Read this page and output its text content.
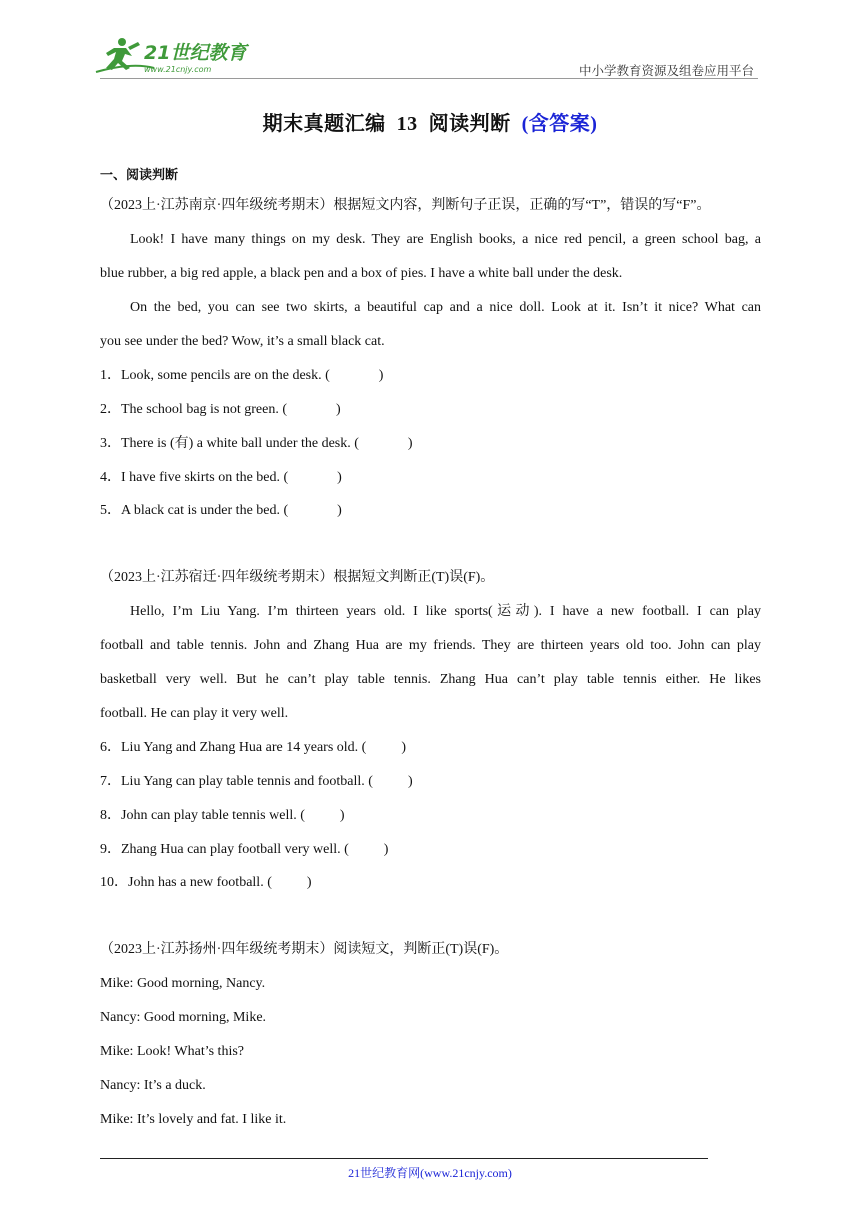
21世纪教育
www.21cnjy.com	中小学教育资源及组卷应用平台
期末真题汇编  13  阅读判断  (含答案)
一、阅读判断
（2023上·江苏南京·四年级统考期末）根据短文内容，判断句子正误，正确的写“T”，错误的写“F”。
Look! I have many things on my desk. They are English books, a nice red pencil, a green school bag, a
blue rubber, a big red apple, a black pen and a box of pies. I have a white ball under the desk.
On the bed, you can see two skirts, a beautiful cap and a nice doll. Look at it. Isn’t it nice? What can
you see under the bed? Wow, it’s a small black cat.
1．Look, some pencils are on the desk. (              )
2．The school bag is not green. (              )
3．There is (有) a white ball under the desk. (              )
4．I have five skirts on the bed. (              )
5．A black cat is under the bed. (              )
（2023上·江苏宿迁·四年级统考期末）根据短文判断正(T)误(F)。
Hello, I’m Liu Yang. I’m thirteen years old. I like sports(运动). I have a new football. I can play
football and table tennis. John and Zhang Hua are my friends. They are thirteen years old too. John can play
basketball very well. But he can’t play table tennis. Zhang Hua can’t play table tennis either. He likes
football. He can play it very well.
6．Liu Yang and Zhang Hua are 14 years old. (          )
7．Liu Yang can play table tennis and football. (          )
8．John can play table tennis well. (          )
9．Zhang Hua can play football very well. (          )
10．John has a new football. (          )
（2023上·江苏扬州·四年级统考期末）阅读短文，判断正(T)误(F)。
Mike: Good morning, Nancy.
Nancy: Good morning, Mike.
Mike: Look! What’s this?
Nancy: It’s a duck.
Mike: It’s lovely and fat. I like it.
21世纪教育网(www.21cnjy.com)
